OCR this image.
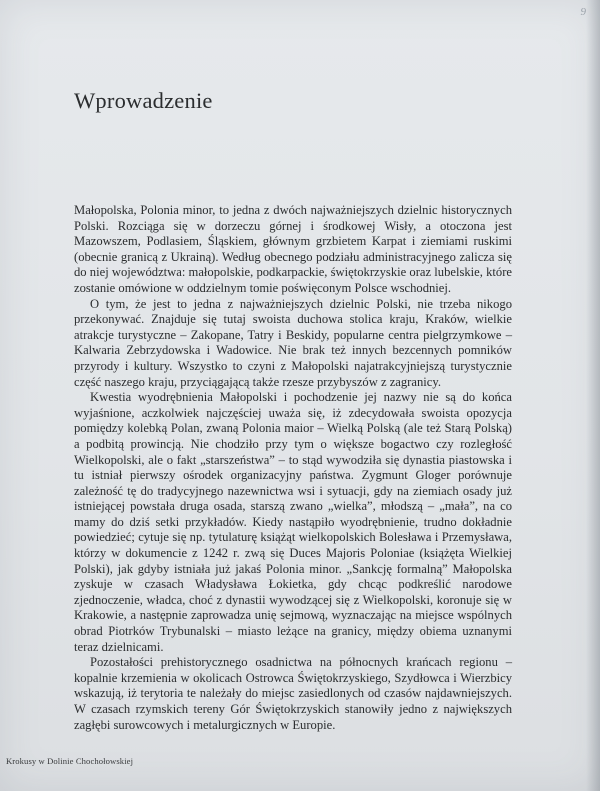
9
Wprowadzenie

Małopolska, Polonia minor, to jedna z dwóch najważniejszych dzielnic historycznych Polski. Rozciąga się w dorzeczu górnej i środkowej Wisły, a otoczona jest Mazowszem, Podlasiem, Śląskiem, głównym grzbietem Karpat i ziemiami ruskimi (obecnie granicą z Ukrainą). Według obecnego podziału administracyjnego zalicza się do niej województwa: małopolskie, podkarpackie, świętokrzyskie oraz lubelskie, które zostanie omówione w oddzielnym tomie poświęconym Polsce wschodniej.

O tym, że jest to jedna z najważniejszych dzielnic Polski, nie trzeba nikogo przekonywać. Znajduje się tutaj swoista duchowa stolica kraju, Kraków, wielkie atrakcje turystyczne – Zakopane, Tatry i Beskidy, popularne centra pielgrzymkowe – Kalwaria Zebrzydowska i Wadowice. Nie brak też innych bezcennych pomników przyrody i kultury. Wszystko to czyni z Małopolski najatrakcyjniejszą turystycznie część naszego kraju, przyciągającą także rzesze przybyszów z zagranicy.

Kwestia wyodrębnienia Małopolski i pochodzenie jej nazwy nie są do końca wyjaśnione, aczkolwiek najczęściej uważa się, iż zdecydowała swoista opozycja pomiędzy kolebką Polan, zwaną Polonia maior – Wielką Polską (ale też Starą Polską) a podbitą prowincją. Nie chodziło przy tym o większe bogactwo czy rozległość Wielkopolski, ale o fakt „starszeństwa” – to stąd wywodziła się dynastia piastowska i tu istniał pierwszy ośrodek organizacyjny państwa. Zygmunt Gloger porównuje zależność tę do tradycyjnego nazewnictwa wsi i sytuacji, gdy na ziemiach osady już istniejącej powstała druga osada, starszą zwano „wielka”, młodszą – „mała”, na co mamy do dziś setki przykładów. Kiedy nastąpiło wyodrębnienie, trudno dokładnie powiedzieć; cytuje się np. tytulaturę książąt wielkopolskich Bolesława i Przemysława, którzy w dokumencie z 1242 r. zwą się Duces Majoris Poloniae (książęta Wielkiej Polski), jak gdyby istniała już jakaś Polonia minor. „Sankcję formalną” Małopolska zyskuje w czasach Władysława Łokietka, gdy chcąc podkreślić narodowe zjednoczenie, władca, choć z dynastii wywodzącej się z Wielkopolski, koronuje się w Krakowie, a następnie zaprowadza unię sejmową, wyznaczając na miejsce wspólnych obrad Piotrków Trybunalski – miasto leżące na granicy, między obiema uznanymi teraz dzielnicami.

Pozostałości prehistorycznego osadnictwa na północnych krańcach regionu – kopalnie krzemienia w okolicach Ostrowca Świętokrzyskiego, Szydłowca i Wierzbicy wskazują, iż terytoria te należały do miejsc zasiedlonych od czasów najdawniejszych. W czasach rzymskich tereny Gór Świętokrzyskich stanowiły jedno z największych zagłębi surowcowych i metalurgicznych w Europie.

Krokusy w Dolinie Chochołowskiej
